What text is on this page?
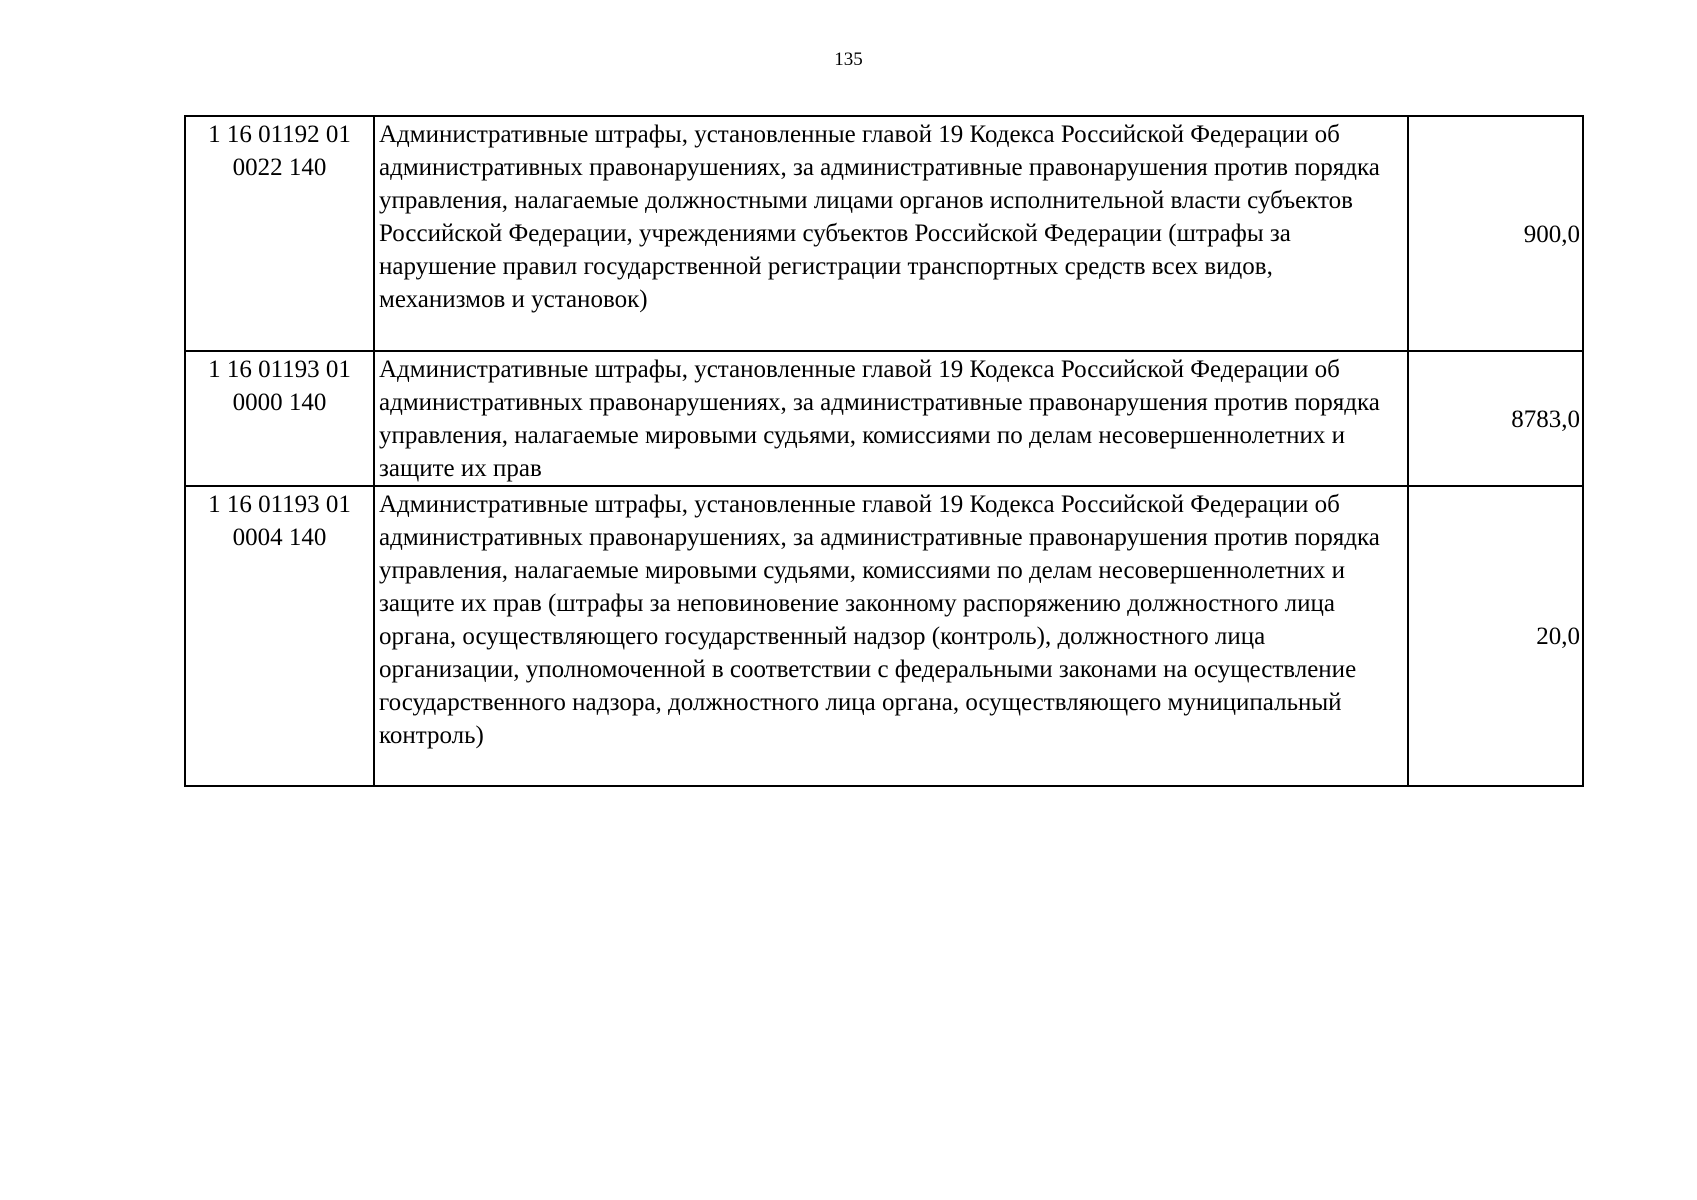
135
1 16 01192 01 0022 140	Административные штрафы, установленные главой 19 Кодекса Российской Федерации об административных правонарушениях, за административные правонарушения против порядка управления, налагаемые должностными лицами органов исполнительной власти субъектов Российской Федерации, учреждениями субъектов Российской Федерации (штрафы за нарушение правил государственной регистрации транспортных средств всех видов, механизмов и установок)	900,0
1 16 01193 01 0000 140	Административные штрафы, установленные главой 19 Кодекса Российской Федерации об административных правонарушениях, за административные правонарушения против порядка управления, налагаемые мировыми судьями, комиссиями по делам несовершеннолетних и защите их прав	8783,0
1 16 01193 01 0004 140	Административные штрафы, установленные главой 19 Кодекса Российской Федерации об административных правонарушениях, за административные правонарушения против порядка управления, налагаемые мировыми судьями, комиссиями по делам несовершеннолетних и защите их прав (штрафы за неповиновение законному распоряжению должностного лица органа, осуществляющего государственный надзор (контроль), должностного лица организации, уполномоченной в соответствии с федеральными законами на осуществление государственного надзора, должностного лица органа, осуществляющего муниципальный контроль)	20,0
